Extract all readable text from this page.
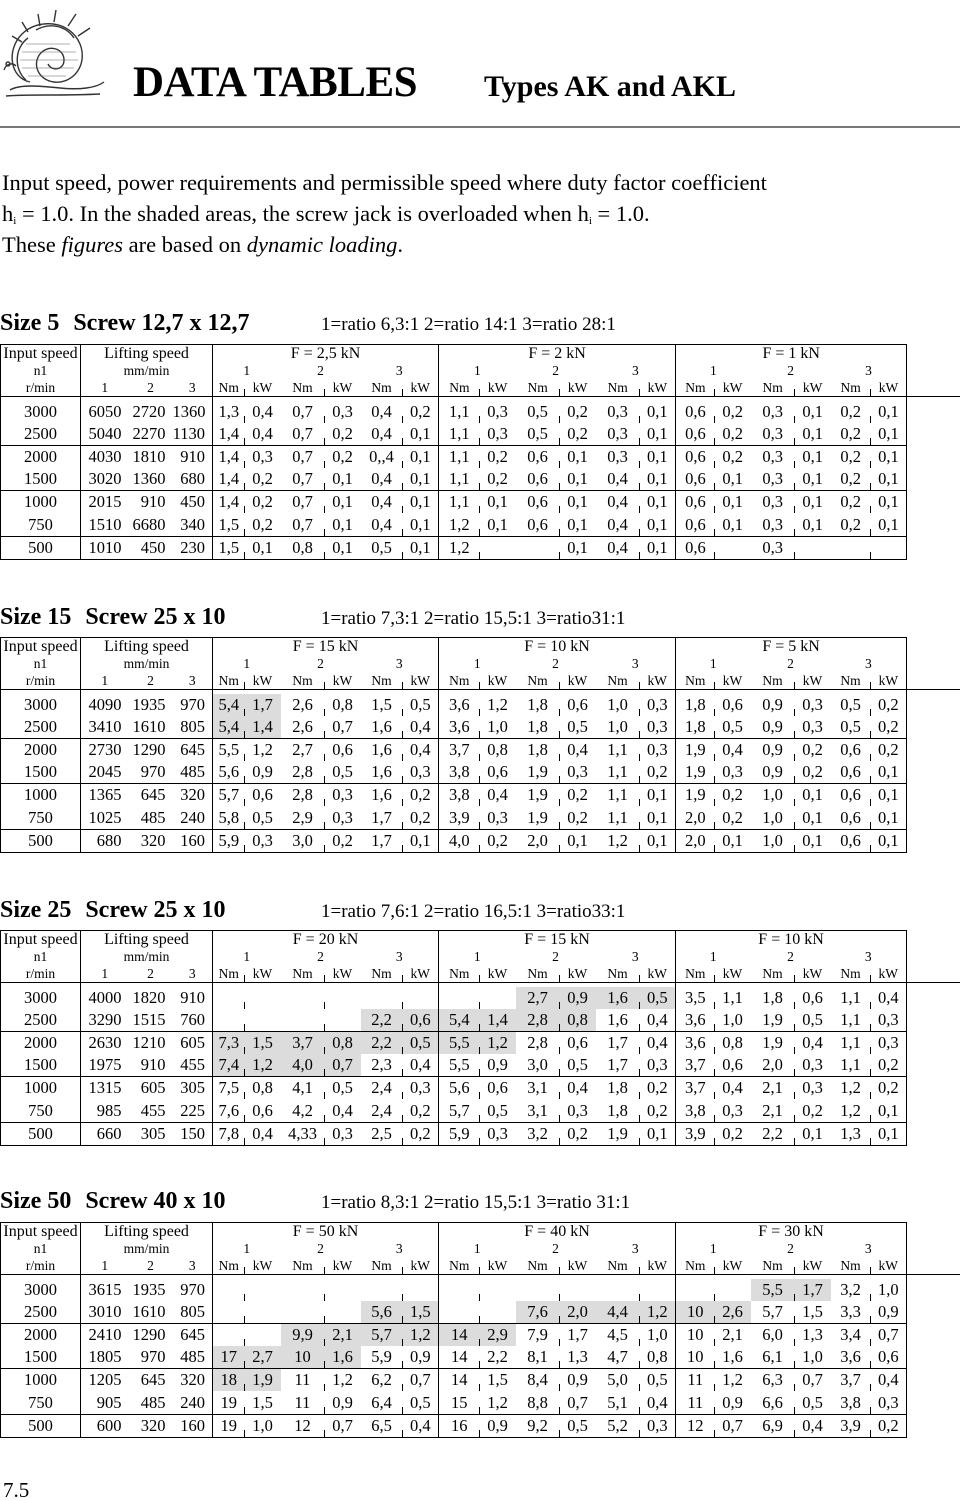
DATA TABLES Types AK and AKL
Input speed, power requirements and permissible speed where duty factor coefficient
$h_i = 1.0$. In the shaded areas, the screw jack is overloaded when $h_i = 1.0$.
These figures are based on dynamic loading.
Size 5 Screw 12,7 x 12,7	1=ratio 6,3:1 2=ratio 14:1 3=ratio 28:1
Size 15 Screw 25 x 10	1=ratio 7,3:1 2=ratio 15,5:1 3=ratio31:1
Size 25 Screw 25 x 10	1=ratio 7,6:1 2=ratio 16,5:1 3=ratio33:1
Size 50 Screw 40 x 10	1=ratio 8,3:1 2=ratio 15,5:1 3=ratio 31:1
Input speed	Lifting speed			F = 2,5 kN						F = 2 kN						F = 1 kN							
n1	mm/min			1		2		3		1		2		3		1		2		3			
r/min	1	2	3	Nm	kW	Nm	kW	Nm	kW	Nm	kW	Nm	kW	Nm	kW	Nm	kW	Nm	kW	Nm	kW		

3000	6050	2720	1360	1,3	0,4	0,7	0,3	0,4	0,2	1,1	0,3	0,5	0,2	0,3	0,1	0,6	0,2	0,3	0,1	0,2	0,1		
2500	5040	2270	1130	1,4	0,4	0,7	0,2	0,4	0,1	1,1	0,3	0,5	0,2	0,3	0,1	0,6	0,2	0,3	0,1	0,2	0,1		
2000	4030	1810	910	1,4	0,3	0,7	0,2	0,,4	0,1	1,1	0,2	0,6	0,1	0,3	0,1	0,6	0,2	0,3	0,1	0,2	0,1		
1500	3020	1360	680	1,4	0,2	0,7	0,1	0,4	0,1	1,1	0,2	0,6	0,1	0,4	0,1	0,6	0,1	0,3	0,1	0,2	0,1		
1000	2015	910	450	1,4	0,2	0,7	0,1	0,4	0,1	1,1	0,1	0,6	0,1	0,4	0,1	0,6	0,1	0,3	0,1	0,2	0,1		
750	1510	6680	340	1,5	0,2	0,7	0,1	0,4	0,1	1,2	0,1	0,6	0,1	0,4	0,1	0,6	0,1	0,3	0,1	0,2	0,1		
500	1010	450	230	1,5	0,1	0,8	0,1	0,5	0,1	1,2			0,1	0,4	0,1	0,6		0,3					
Input speed	Lifting speed			F = 15 kN						F = 10 kN						F = 5 kN							
n1	mm/min			1		2		3		1		2		3		1		2		3			
r/min	1	2	3	Nm	kW	Nm	kW	Nm	kW	Nm	kW	Nm	kW	Nm	kW	Nm	kW	Nm	kW	Nm	kW		

3000	4090	1935	970	5,4	1,7	2,6	0,8	1,5	0,5	3,6	1,2	1,8	0,6	1,0	0,3	1,8	0,6	0,9	0,3	0,5	0,2		
2500	3410	1610	805	5,4	1,4	2,6	0,7	1,6	0,4	3,6	1,0	1,8	0,5	1,0	0,3	1,8	0,5	0,9	0,3	0,5	0,2		
2000	2730	1290	645	5,5	1,2	2,7	0,6	1,6	0,4	3,7	0,8	1,8	0,4	1,1	0,3	1,9	0,4	0,9	0,2	0,6	0,2		
1500	2045	970	485	5,6	0,9	2,8	0,5	1,6	0,3	3,8	0,6	1,9	0,3	1,1	0,2	1,9	0,3	0,9	0,2	0,6	0,1		
1000	1365	645	320	5,7	0,6	2,8	0,3	1,6	0,2	3,8	0,4	1,9	0,2	1,1	0,1	1,9	0,2	1,0	0,1	0,6	0,1		
750	1025	485	240	5,8	0,5	2,9	0,3	1,7	0,2	3,9	0,3	1,9	0,2	1,1	0,1	2,0	0,2	1,0	0,1	0,6	0,1		
500	680	320	160	5,9	0,3	3,0	0,2	1,7	0,1	4,0	0,2	2,0	0,1	1,2	0,1	2,0	0,1	1,0	0,1	0,6	0,1		
Input speed	Lifting speed			F = 20 kN						F = 15 kN						F = 10 kN							
n1	mm/min			1		2		3		1		2		3		1		2		3			
r/min	1	2	3	Nm	kW	Nm	kW	Nm	kW	Nm	kW	Nm	kW	Nm	kW	Nm	kW	Nm	kW	Nm	kW		

3000	4000	1820	910									2,7	0,9	1,6	0,5	3,5	1,1	1,8	0,6	1,1	0,4		
2500	3290	1515	760					2,2	0,6	5,4	1,4	2,8	0,8	1,6	0,4	3,6	1,0	1,9	0,5	1,1	0,3		
2000	2630	1210	605	7,3	1,5	3,7	0,8	2,2	0,5	5,5	1,2	2,8	0,6	1,7	0,4	3,6	0,8	1,9	0,4	1,1	0,3		
1500	1975	910	455	7,4	1,2	4,0	0,7	2,3	0,4	5,5	0,9	3,0	0,5	1,7	0,3	3,7	0,6	2,0	0,3	1,1	0,2		
1000	1315	605	305	7,5	0,8	4,1	0,5	2,4	0,3	5,6	0,6	3,1	0,4	1,8	0,2	3,7	0,4	2,1	0,3	1,2	0,2		
750	985	455	225	7,6	0,6	4,2	0,4	2,4	0,2	5,7	0,5	3,1	0,3	1,8	0,2	3,8	0,3	2,1	0,2	1,2	0,1		
500	660	305	150	7,8	0,4	4,33	0,3	2,5	0,2	5,9	0,3	3,2	0,2	1,9	0,1	3,9	0,2	2,2	0,1	1,3	0,1		
Input speed	Lifting speed			F = 50 kN						F = 40 kN						F = 30 kN							
n1	mm/min			1		2		3		1		2		3		1		2		3			
r/min	1	2	3	Nm	kW	Nm	kW	Nm	kW	Nm	kW	Nm	kW	Nm	kW	Nm	kW	Nm	kW	Nm	kW		

3000	3615	1935	970															5,5	1,7	3,2	1,0		
2500	3010	1610	805					5,6	1,5			7,6	2,0	4,4	1,2	10	2,6	5,7	1,5	3,3	0,9		
2000	2410	1290	645			9,9	2,1	5,7	1,2	14	2,9	7,9	1,7	4,5	1,0	10	2,1	6,0	1,3	3,4	0,7		
1500	1805	970	485	17	2,7	10	1,6	5,9	0,9	14	2,2	8,1	1,3	4,7	0,8	10	1,6	6,1	1,0	3,6	0,6		
1000	1205	645	320	18	1,9	11	1,2	6,2	0,7	14	1,5	8,4	0,9	5,0	0,5	11	1,2	6,3	0,7	3,7	0,4		
750	905	485	240	19	1,5	11	0,9	6,4	0,5	15	1,2	8,8	0,7	5,1	0,4	11	0,9	6,6	0,5	3,8	0,3		
500	600	320	160	19	1,0	12	0,7	6,5	0,4	16	0,9	9,2	0,5	5,2	0,3	12	0,7	6,9	0,4	3,9	0,2		
7.5
